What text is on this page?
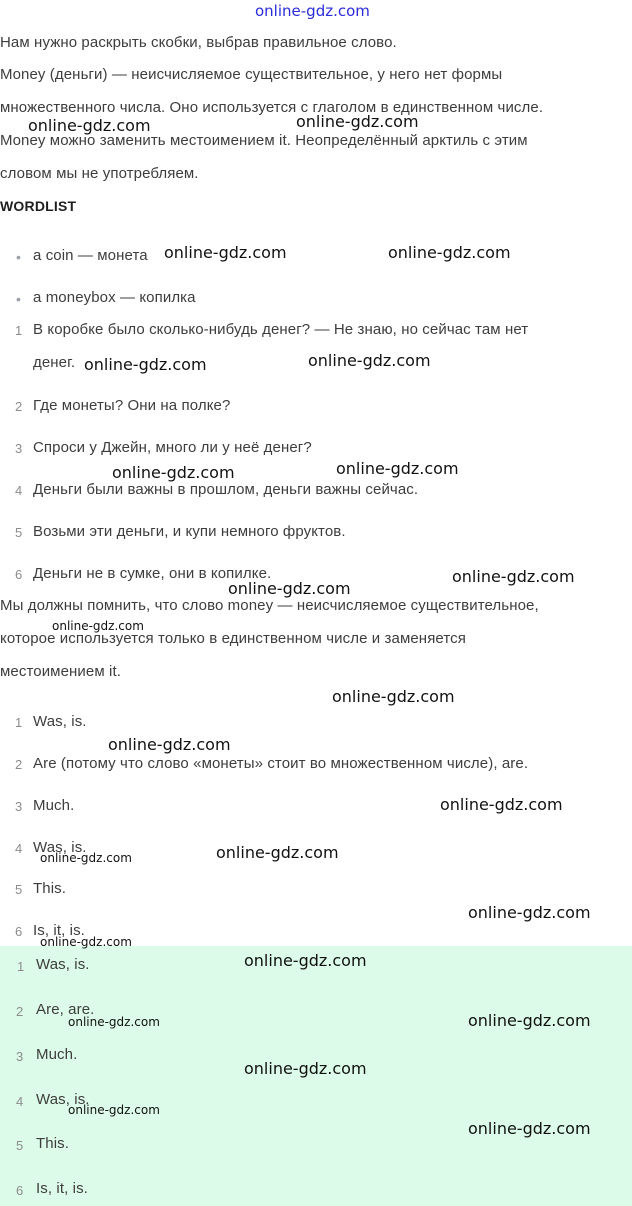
online-gdz.com
Нам нужно раскрыть скобки, выбрав правильное слово.
Money (деньги) — неисчисляемое существительное, у него нет формы
множественного числа. Оно используется с глаголом в единственном числе.
Money можно заменить местоимением it. Неопределённый арктиль с этим
словом мы не употребляем.
WORDLIST
• a coin — монета
• a moneybox — копилка
1 В коробке было сколько-нибудь денег? — Не знаю, но сейчас там нет
денег.
2 Где монеты? Они на полке?
3 Спроси у Джейн, много ли у неё денег?
4 Деньги были важны в прошлом, деньги важны сейчас.
5 Возьми эти деньги, и купи немного фруктов.
6 Деньги не в сумке, они в копилке.
Мы должны помнить, что слово money — неисчисляемое существительное,
которое используется только в единственном числе и заменяется
местоимением it.
1 Was, is.
2 Are (потому что слово «монеты» стоит во множественном числе), are.
3 Much.
4 Was, is.
5 This.
6 Is, it, is.
1 Was, is.
2 Are, are.
3 Much.
4 Was, is.
5 This.
6 Is, it, is.
online-gdz.com	online-gdz.com
online-gdz.com	online-gdz.com
online-gdz.com	online-gdz.com
online-gdz.com	online-gdz.com
online-gdz.com
online-gdz.com
online-gdz.com
online-gdz.com
online-gdz.com
online-gdz.com
online-gdz.com
online-gdz.com
online-gdz.com
online-gdz.com
online-gdz.com
online-gdz.com	online-gdz.com
online-gdz.com
online-gdz.com
online-gdz.com
